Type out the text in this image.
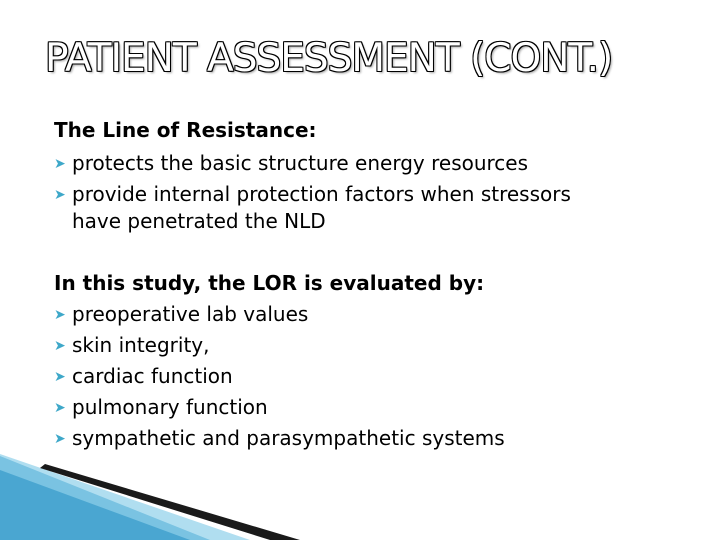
PATIENT ASSESSMENT (CONT.)
The Line of Resistance:
➤ protects the basic structure energy resources
➤ provide internal protection factors when stressors
have penetrated the NLD
In this study, the LOR is evaluated by:
➤ preoperative lab values
➤ skin integrity,
➤ cardiac function
➤ pulmonary function
➤ sympathetic and parasympathetic systems
